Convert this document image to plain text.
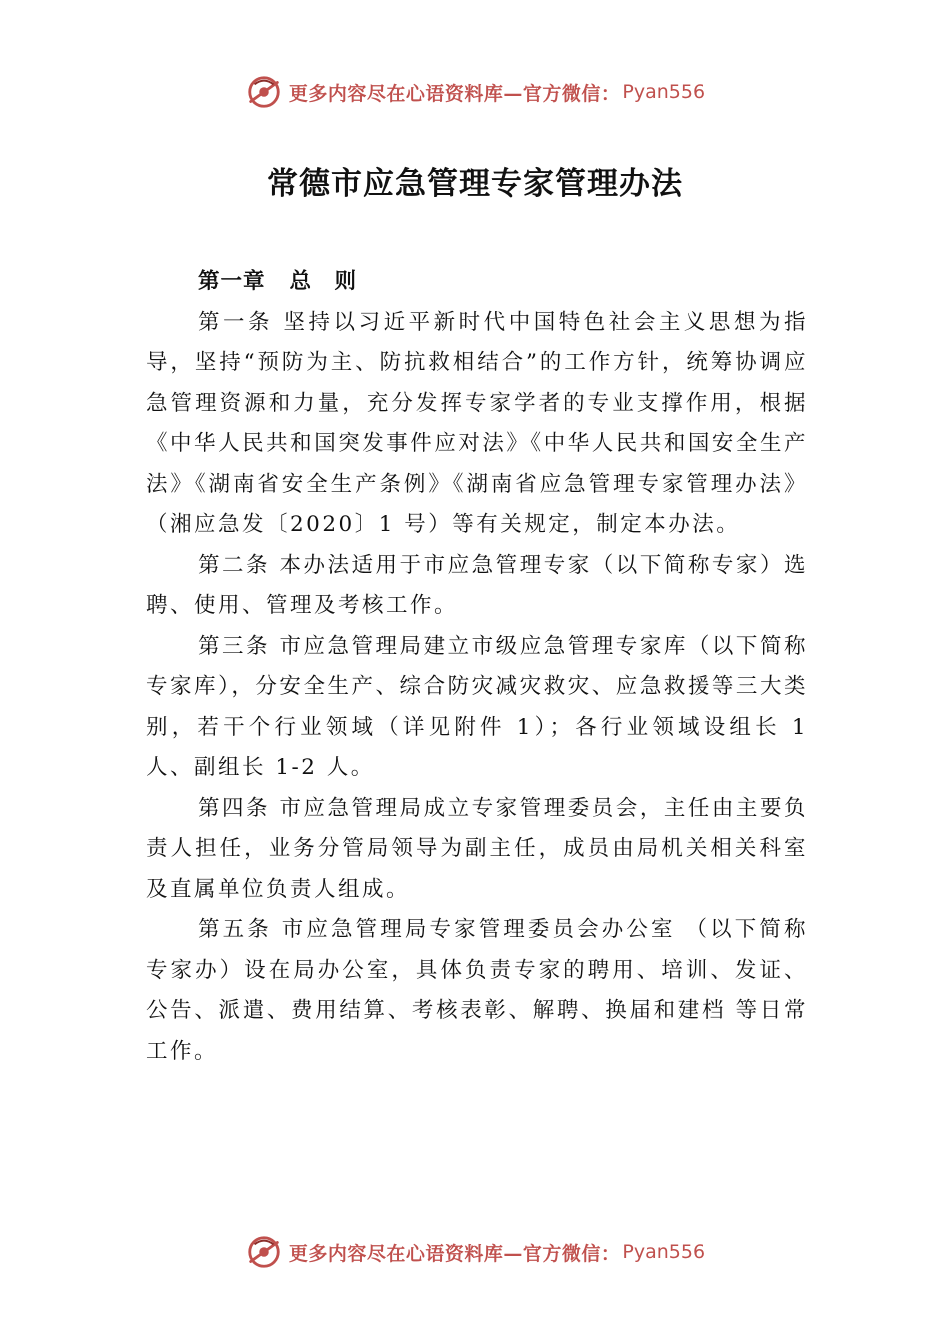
更多内容尽在心语资料库—官方微信： Pyan556
常德市应急管理专家管理办法

第一章 总　则

第一条 坚持以习近平新时代中国特色社会主义思想为指导，坚持“预防为主、防抗救相结合”的工作方针，统筹协调应急管理资源和力量，充分发挥专家学者的专业支撑作用，根据《中华人民共和国突发事件应对法》《中华人民共和国安全生产法》《湖南省安全生产条例》《湖南省应急管理专家管理办法》（湘应急发〔2020〕1 号）等有关规定，制定本办法。

第二条 本办法适用于市应急管理专家（以下简称专家）选聘、使用、管理及考核工作。

第三条 市应急管理局建立市级应急管理专家库（以下简称专家库），分安全生产、综合防灾减灾救灾、应急救援等三大类别，若干个行业领域（详见附件 1）；各行业领域设组长 1 人、副组长 1-2 人。

第四条 市应急管理局成立专家管理委员会，主任由主要负责人担任，业务分管局领导为副主任，成员由局机关相关科室及直属单位负责人组成。

第五条 市应急管理局专家管理委员会办公室 （以下简称专家办）设在局办公室，具体负责专家的聘用、培训、发证、公告、派遣、费用结算、考核表彰、解聘、换届和建档 等日常工作。

更多内容尽在心语资料库—官方微信： Pyan556
